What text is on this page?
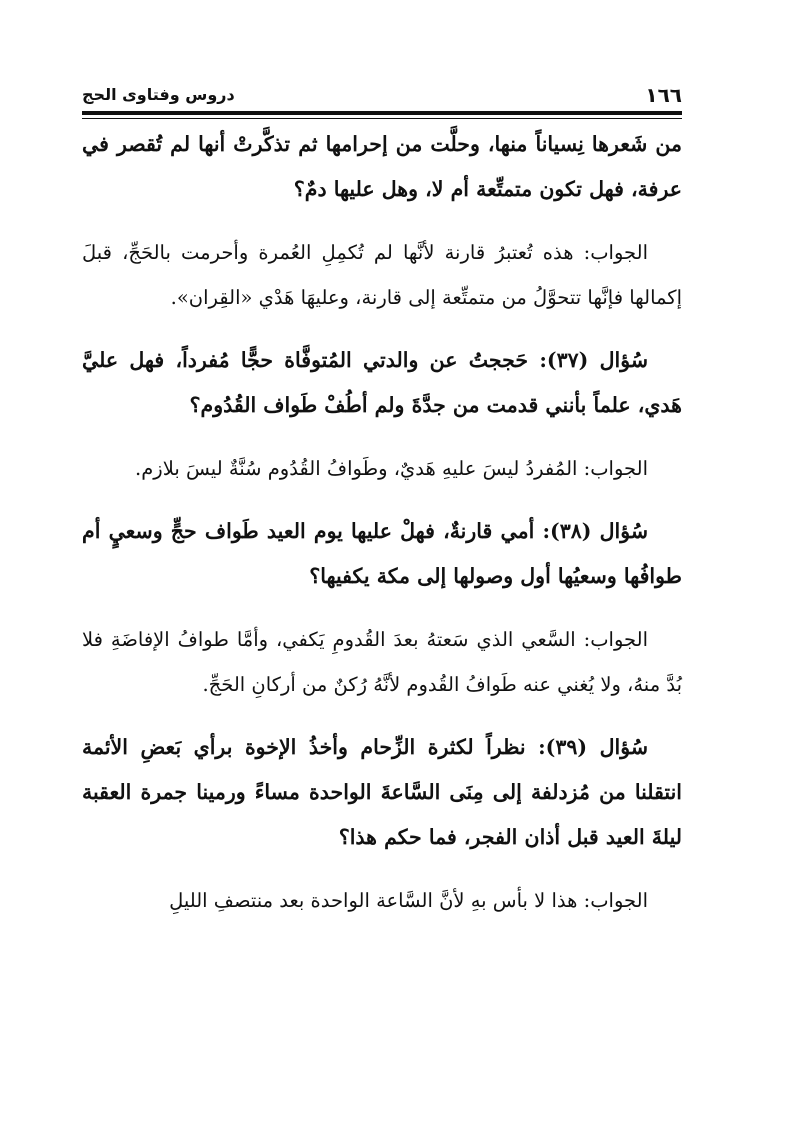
١٦٦
دروس وفتاوى الحج

من شَعرها نِسياناً منها، وحلَّت من إحرامها ثم تذكَّرتْ أنها لم تُقصر في عرفة، فهل تكون متمتِّعة أم لا، وهل عليها دمٌ؟

الجواب: هذه تُعتبرُ قارنة لأنَّها لم تُكمِلِ العُمرة وأحرمت بالحَجِّ، قبلَ إكمالها فإنَّها تتحوَّلُ من متمتِّعة إلى قارنة، وعليهَا هَدْي «القِران».

سُؤال (٣٧): حَججتُ عن والدتي المُتوفَّاة حجًّا مُفرداً، فهل عليَّ هَدي، علماً بأنني قدمت من جدَّةَ ولم أطُفْ طَواف القُدُوم؟

الجواب: المُفردُ ليسَ عليهِ هَديٌ، وطَوافُ القُدُوم سُنَّةٌ ليسَ بلازم.

سُؤال (٣٨): أمي قارنةٌ، فهلْ عليها يوم العيد طَواف حجٍّ وسعيٍ أم طوافُها وسعيُها أول وصولها إلى مكة يكفيها؟

الجواب: السَّعي الذي سَعتهُ بعدَ القُدومِ يَكفي، وأمَّا طوافُ الإفاضَةِ فلا بُدَّ منهُ، ولا يُغني عنه طَوافُ القُدوم لأنَّهُ رُكنٌ من أركانِ الحَجِّ.

سُؤال (٣٩): نظراً لكثرة الزِّحام وأخذُ الإخوة برأي بَعضِ الأئمة انتقلنا من مُزدلفة إلى مِنَى السَّاعةَ الواحدة مساءً ورمينا جمرة العقبة ليلةَ العيد قبل أذان الفجر، فما حكم هذا؟

الجواب: هذا لا بأس بهِ لأنَّ السَّاعة الواحدة بعد منتصفِ الليلِ
